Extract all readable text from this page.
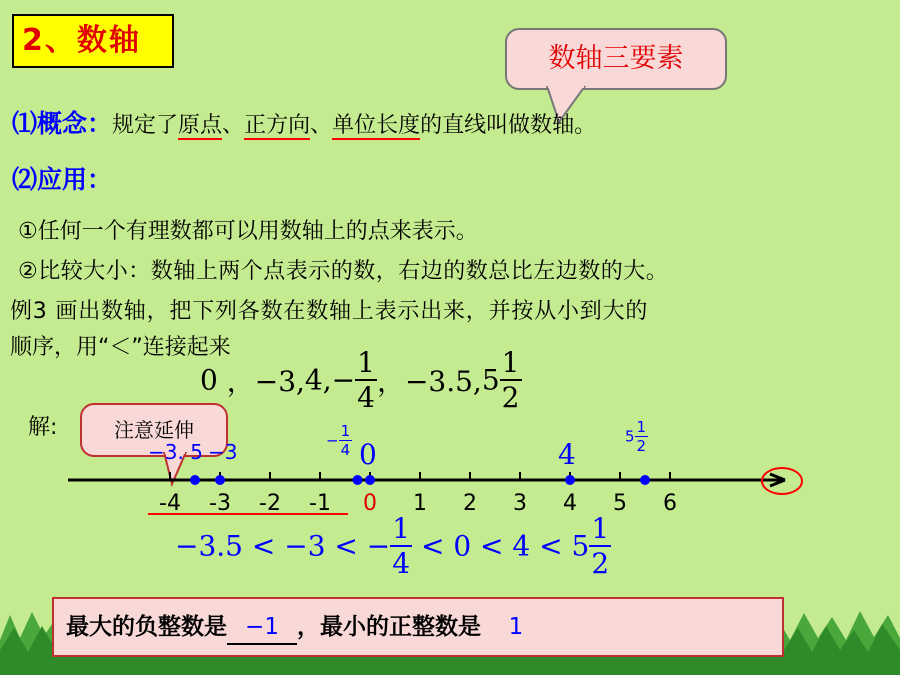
2、数轴
数轴三要素
⑴概念：规定了原点、正方向、单位长度的直线叫做数轴。
⑵应用：
①任何一个有理数都可以用数轴上的点来表示。
②比较大小：数轴上两个点表示的数，右边的数总比左边数的大。
例3 画出数轴，把下列各数在数轴上表示出来，并按从小到大的
顺序，用“＜”连接起来
0 ，$-3,4,- \frac{1}{4}$ ，$-3.5,5 \frac{1}{2}$
解:	注意延伸
-4 -3 -2 -1 0 1 2 3 4 5 6
−3. 5 −3	− $\frac{1}{4} 0$	4
$5 \frac{1}{2}$
−3.5 < −3 < − $\frac{1}{4} < 0 < 4 < 5 \frac{1}{2}$
最大的负整数是 −1 ，最小的正整数是 1
